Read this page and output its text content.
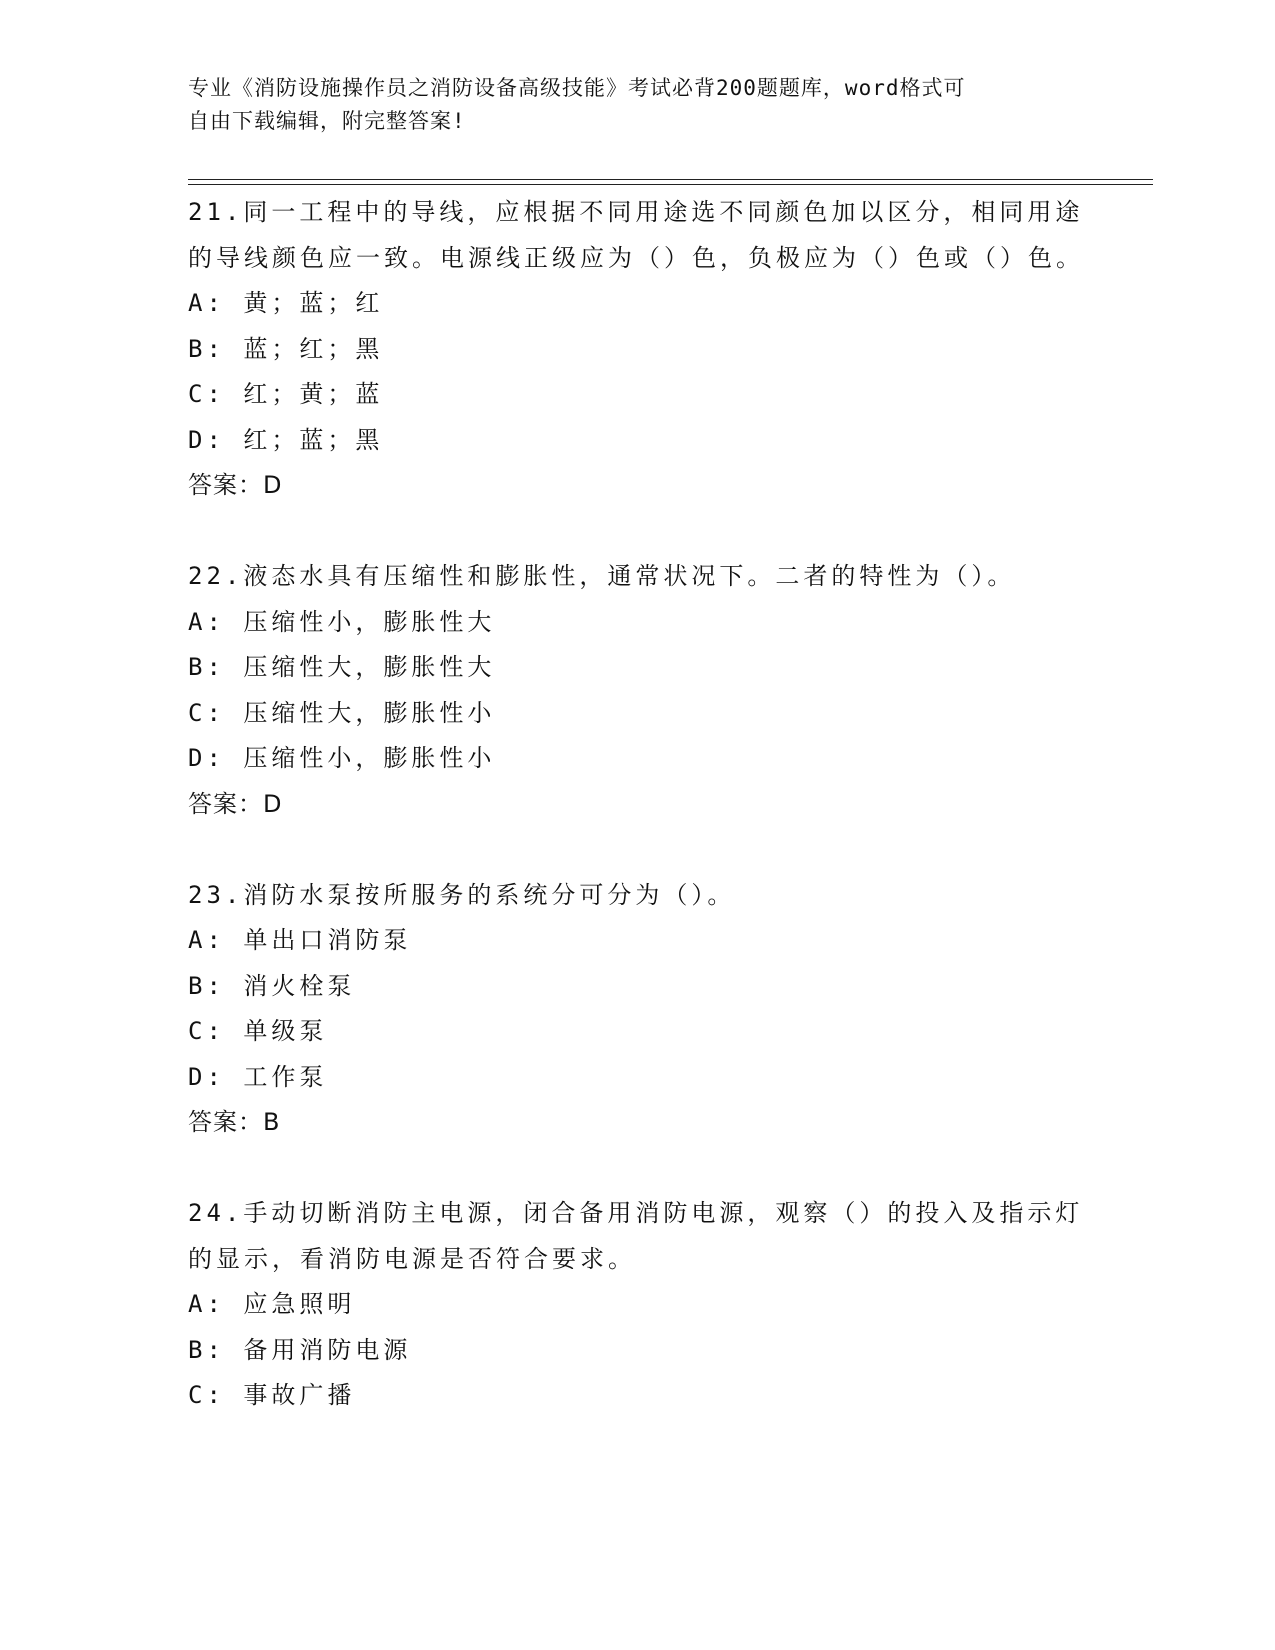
专业《消防设施操作员之消防设备高级技能》考试必背200题题库，word格式可
自由下载编辑，附完整答案!
21.同一工程中的导线，应根据不同用途选不同颜色加以区分，相同用途的导线颜色应一致。电源线正级应为（）色，负极应为（）色或（）色。
A: 黄；蓝；红
B: 蓝；红；黑
C: 红；黄；蓝
D: 红；蓝；黑
答案：D
22.液态水具有压缩性和膨胀性，通常状况下。二者的特性为（）。
A: 压缩性小，膨胀性大
B: 压缩性大，膨胀性大
C: 压缩性大，膨胀性小
D: 压缩性小，膨胀性小
答案：D
23.消防水泵按所服务的系统分可分为（）。
A: 单出口消防泵
B: 消火栓泵
C: 单级泵
D: 工作泵
答案：B
24.手动切断消防主电源，闭合备用消防电源，观察（）的投入及指示灯的显示，看消防电源是否符合要求。
A: 应急照明
B: 备用消防电源
C: 事故广播
